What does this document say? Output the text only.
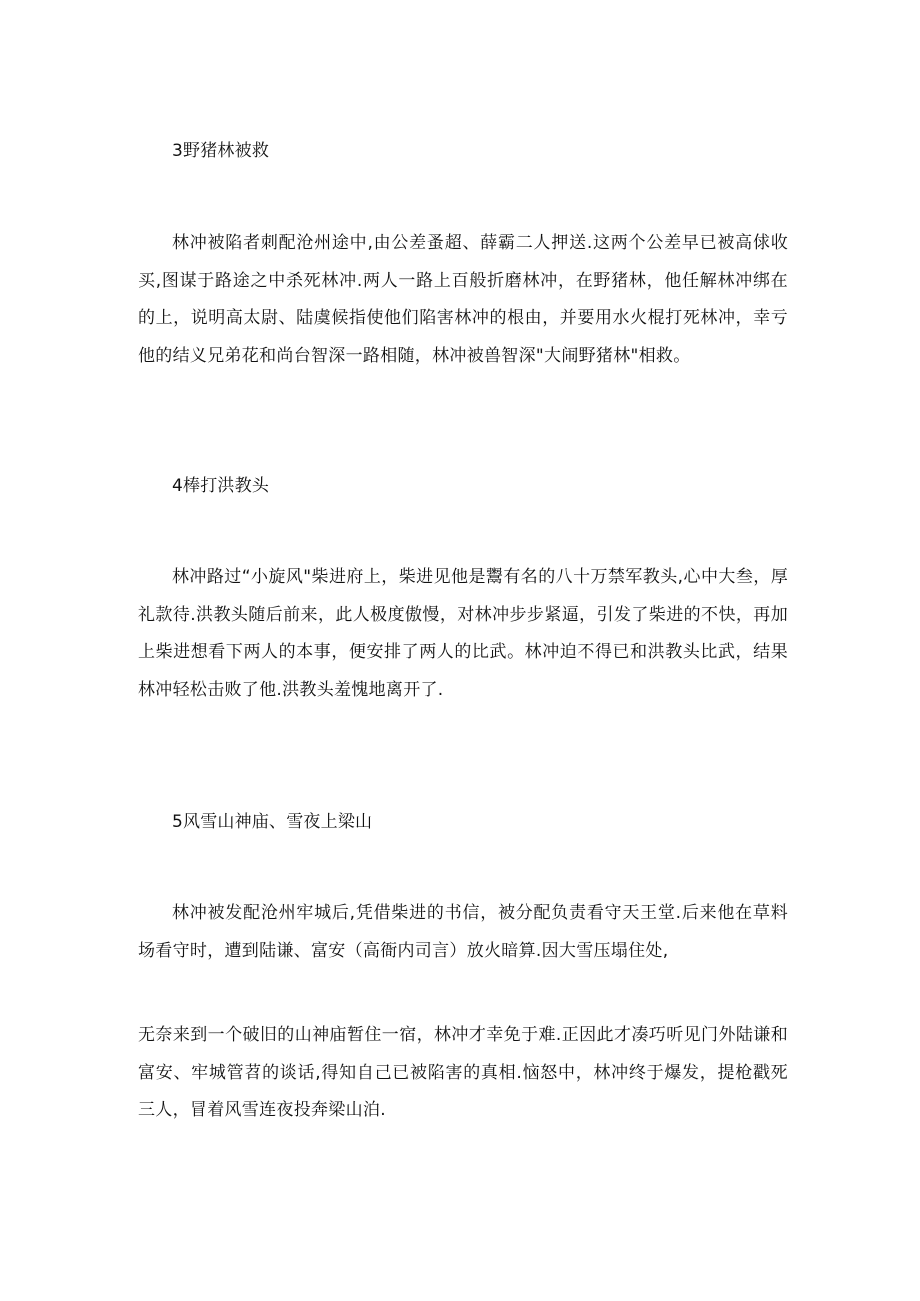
3野猪林被救
林冲被陷者刺配沧州途中,由公差蚤超、薛霸二人押送.这两个公差早已被高俅收买,图谋于路途之中杀死林冲.两人一路上百般折磨林冲，在野猪林，他任解林冲绑在的上，说明高太尉、陆虞候指使他们陷害林冲的根由，并要用水火棍打死林冲，幸亏他的结义兄弟花和尚台智深一路相随，林冲被兽智深"大闹野猪林"相救。
4棒打洪教头
林冲路过“小旋风"柴进府上，柴进见他是鬻有名的八十万禁军教头,心中大叁，厚礼款待.洪教头随后前来，此人极度傲慢，对林冲步步紧逼，引发了柴进的不快，再加上柴进想看下两人的本事，便安排了两人的比武。林冲迫不得已和洪教头比武，结果林冲轻松击败了他.洪教头羞愧地离开了.
5风雪山神庙、雪夜上梁山
林冲被发配沧州牢城后,凭借柴进的书信，被分配负责看守天王堂.后来他在草料场看守时，遭到陆谦、富安（高衙内司言）放火暗算.因大雪压塌住处,
无奈来到一个破旧的山神庙暂住一宿，林冲才幸免于难.正因此才凑巧听见门外陆谦和富安、牢城管苕的谈话,得知自己已被陷害的真相.恼怒中，林冲终于爆发，提枪戳死三人，冒着风雪连夜投奔梁山泊.
